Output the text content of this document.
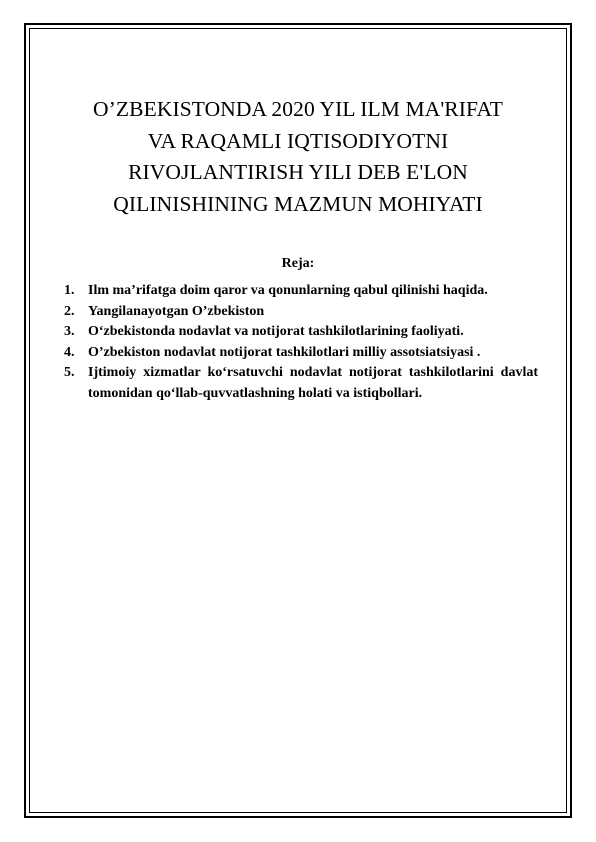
O’ZBEKISTONDA 2020 YIL ILM MA'RIFAT
VA RAQAMLI IQTISODIYOTNI
RIVOJLANTIRISH YILI DEB E'LON
QILINISHINING MAZMUN MOHIYATI

Reja:

1. Ilm ma’rifatga doim qaror va qonunlarning qabul qilinishi haqida.
2. Yangilanayotgan O’zbekiston
3. O‘zbekistonda nodavlat va notijorat tashkilotlarining faoliyati.
4. O’zbekiston nodavlat notijorat tashkilotlari milliy assotsiatsiyasi .
5. Ijtimoiy xizmatlar ko‘rsatuvchi nodavlat notijorat tashkilotlarini davlat tomonidan qo‘llab-quvvatlashning holati va istiqbollari.
